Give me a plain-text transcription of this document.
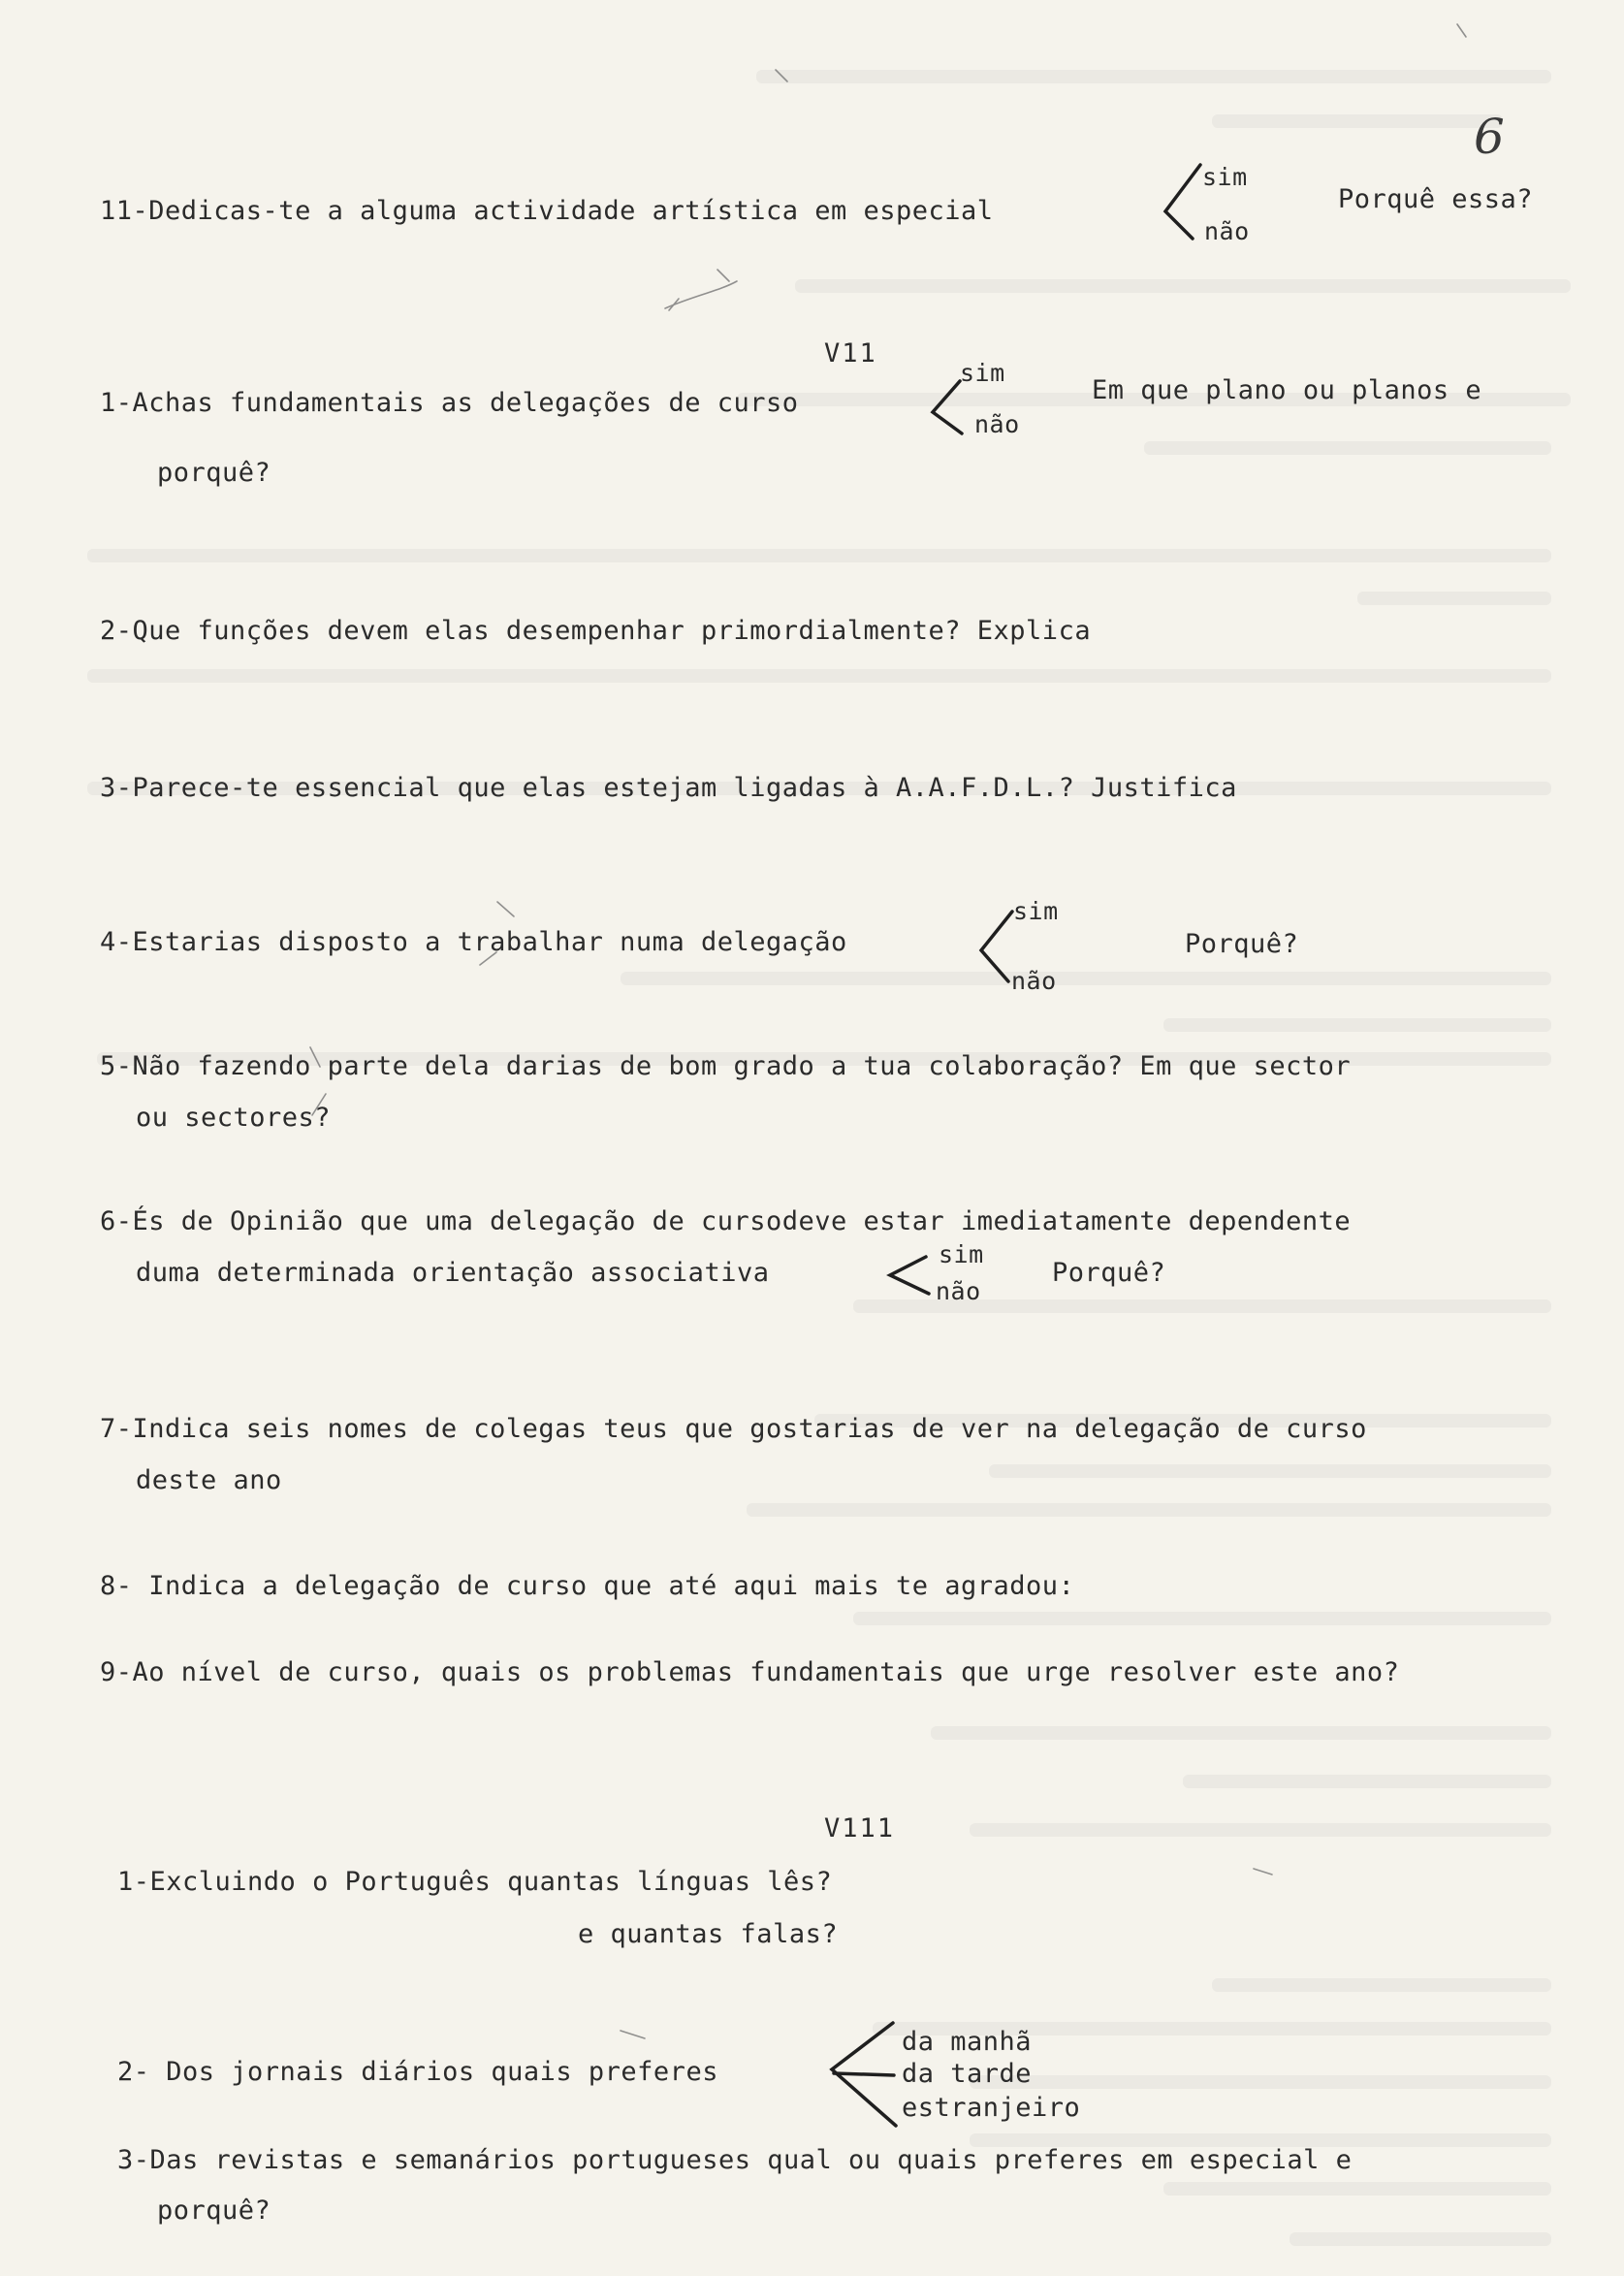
6
11-Dedicas-te a alguma actividade artística em especial
sim
não
Porquê essa?
V11
1-Achas fundamentais as delegações de curso
sim
não
Em que plano ou planos e
porquê?
2-Que funções devem elas desempenhar primordialmente? Explica
3-Parece-te essencial que elas estejam ligadas à A.A.F.D.L.? Justifica
4-Estarias disposto a trabalhar numa delegação
sim
não
Porquê?
5-Não fazendo parte dela darias de bom grado a tua colaboração? Em que sector
ou sectores?
6-És de Opinião que uma delegação de cursodeve estar imediatamente dependente
duma determinada orientação associativa
sim
não
Porquê?
7-Indica seis nomes de colegas teus que gostarias de ver na delegação de curso
deste ano
8- Indica a delegação de curso que até aqui mais te agradou:
9-Ao nível de curso, quais os problemas fundamentais que urge resolver este ano?
V111
1-Excluindo o Português quantas línguas lês?
e quantas falas?
2- Dos jornais diários quais preferes
da manhã
da tarde
estranjeiro
3-Das revistas e semanários portugueses qual ou quais preferes em especial e
porquê?
